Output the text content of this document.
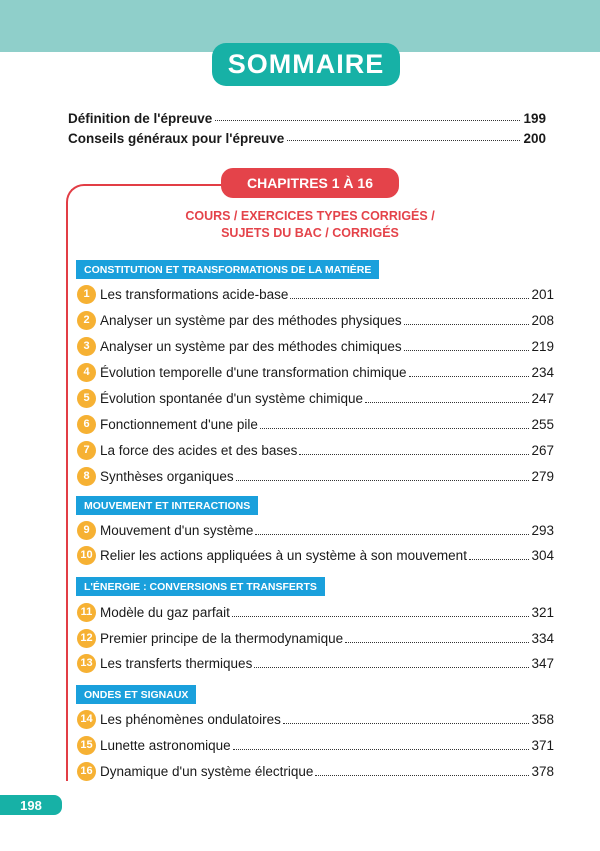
SOMMAIRE
Définition de l'épreuve	199
Conseils généraux pour l'épreuve	200
CHAPITRES 1 À 16
COURS / EXERCICES TYPES CORRIGÉS /
SUJETS DU BAC / CORRIGÉS
CONSTITUTION ET TRANSFORMATIONS DE LA MATIÈRE
1 Les transformations acide-base	201
2 Analyser un système par des méthodes physiques	208
3 Analyser un système par des méthodes chimiques	219
4 Évolution temporelle d'une transformation chimique	234
5 Évolution spontanée d'un système chimique	247
6 Fonctionnement d'une pile	255
7 La force des acides et des bases	267
8 Synthèses organiques	279
MOUVEMENT ET INTERACTIONS
9 Mouvement d'un système	293
10 Relier les actions appliquées à un système à son mouvement	304
L'ÉNERGIE : CONVERSIONS ET TRANSFERTS
11 Modèle du gaz parfait	321
12 Premier principe de la thermodynamique	334
13 Les transferts thermiques	347
ONDES ET SIGNAUX
14 Les phénomènes ondulatoires	358
15 Lunette astronomique	371
16 Dynamique d'un système électrique	378
198
